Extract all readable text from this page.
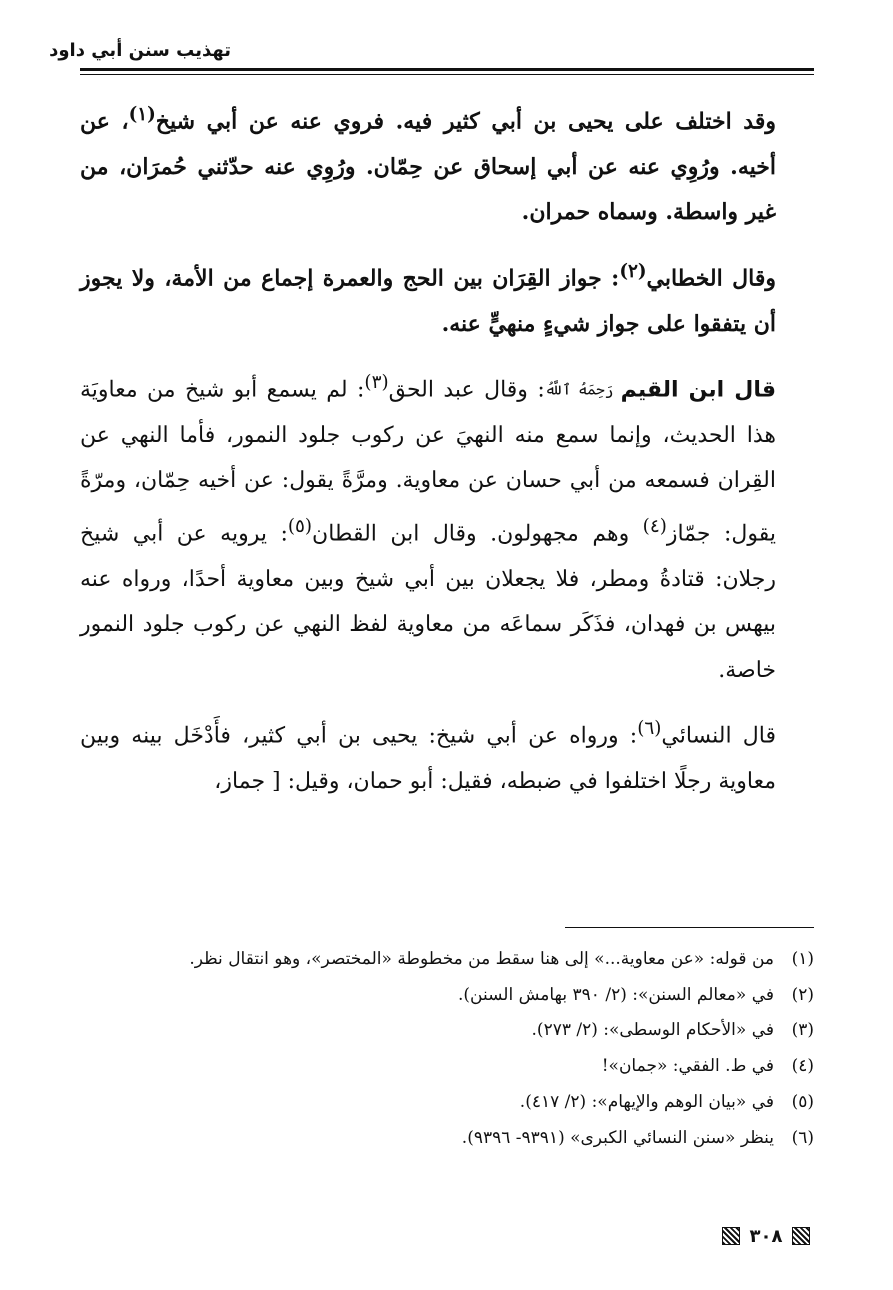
تهذيب سنن أبي داود

وقد اختلف على يحيى بن أبي كثير فيه. فروي عنه عن أبي شيخ$^{(١)}$، عن أخيه. ورُوِي عنه عن أبي إسحاق عن حِمّان. ورُوِي عنه حدّثني حُمرَان، من غير واسطة. وسماه حمران.

وقال الخطابي$^{(٢)}$: جواز القِرَان بين الحج والعمرة إجماع من الأمة، ولا يجوز أن يتفقوا على جواز شيءٍ منهيٍّ عنه.

قال ابن القيم رَحِمَهُ ٱللَّهُ: وقال عبد الحق$^{(٣)}$: لم يسمع أبو شيخ من معاويَة هذا الحديث، وإنما سمع منه النهيَ عن ركوب جلود النمور، فأما النهي عن القِران فسمعه من أبي حسان عن معاوية. ومرَّةً يقول: عن أخيه حِمّان، ومرّةً يقول: جمّاز$^{(٤)}$ وهم مجهولون. وقال ابن القطان$^{(٥)}$: يرويه عن أبي شيخ رجلان: قتادةُ ومطر، فلا يجعلان بين أبي شيخ وبين معاوية أحدًا، ورواه عنه بيهس بن فهدان، فذَكَر سماعَه من معاوية لفظ النهي عن ركوب جلود النمور خاصة.

قال النسائي$^{(٦)}$: ورواه عن أبي شيخ: يحيى بن أبي كثير، فأَدْخَل بينه وبين معاوية رجلًا اختلفوا في ضبطه، فقيل: أبو حمان، وقيل: [ جماز،

(١)
من قوله: «عن معاوية...» إلى هنا سقط من مخطوطة «المختصر»، وهو انتقال نظر.
(٢)
في «معالم السنن»: (٢/ ٣٩٠ بهامش السنن).
(٣)
في «الأحكام الوسطى»: (٢/ ٢٧٣).
(٤)
في ط. الفقي: «جمان»!
(٥)
في «بيان الوهم والإيهام»: (٢/ ٤١٧).
(٦)
ينظر «سنن النسائي الكبرى» (٩٣٩١- ٩٣٩٦).
٣٠٨
